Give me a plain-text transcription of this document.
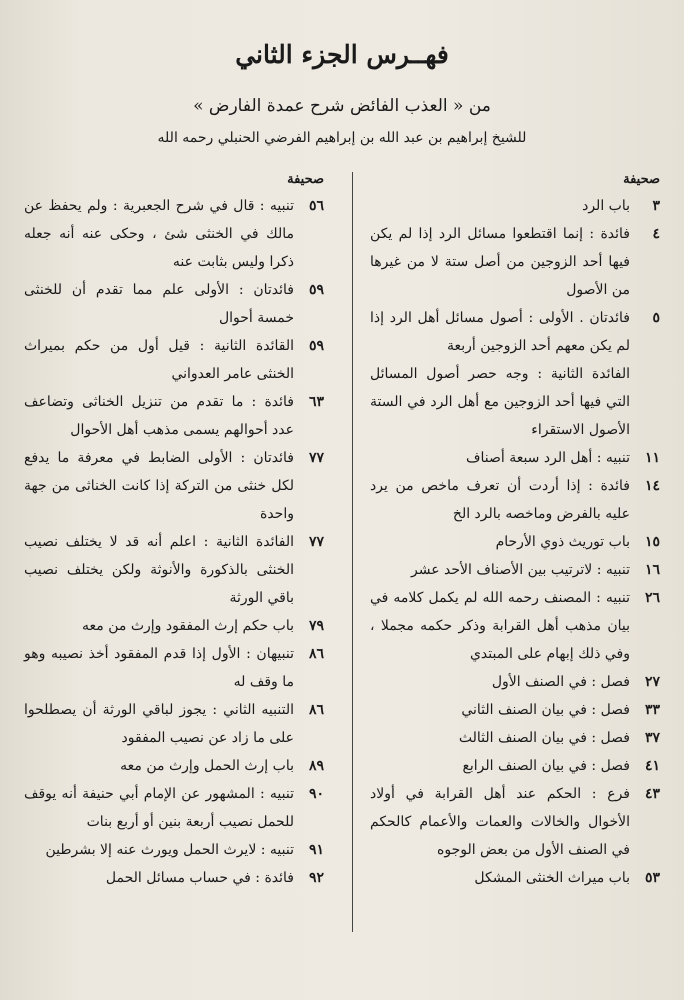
فهــرس الجزء الثاني
من « العذب الفائض شرح عمدة الفارض »
للشيخ إبراهيم بن عبد الله بن إبراهيم الفرضي الحنبلي رحمه الله
صحيفة
٣
باب الرد
٤
فائدة : إنما اقتطعوا مسائل الرد إذا لم يكن فيها أحد الزوجين من أصل ستة لا من غيرها من الأصول
٥
فائدتان . الأولى : أصول مسائل أهل الرد إذا لم يكن معهم أحد الزوجين أربعة
الفائدة الثانية : وجه حصر أصول المسائل التي فيها أحد الزوجين مع أهل الرد في الستة الأصول الاستقراء
١١
تنبيه : أهل الرد سبعة أصناف
١٤
فائدة : إذا أردت أن تعرف ماخص من يرد عليه بالفرض وماخصه بالرد الخ
١٥
باب توريث ذوي الأرحام
١٦
تنبيه : لاترتيب بين الأصناف الأحد عشر
٢٦
تنبيه : المصنف رحمه الله لم يكمل كلامه في بيان مذهب أهل القرابة وذكر حكمه مجملا ، وفي ذلك إبهام على المبتدي
٢٧
فصل : في الصنف الأول
٣٣
فصل : في بيان الصنف الثاني
٣٧
فصل : في بيان الصنف الثالث
٤١
فصل : في بيان الصنف الرابع
٤٣
فرع : الحكم عند أهل القرابة في أولاد الأخوال والخالات والعمات والأعمام كالحكم في الصنف الأول من بعض الوجوه
٥٣
باب ميراث الخنثى المشكل
صحيفة
٥٦
تنبيه : قال في شرح الجعبرية : ولم يحفظ عن مالك في الخنثى شئ ، وحكى عنه أنه جعله ذكرا وليس بثابت عنه
٥٩
فائدتان : الأولى علم مما تقدم أن للخنثى خمسة أحوال
٥٩
القائدة الثانية : قيل أول من حكم بميراث الخنثى عامر العدواني
٦٣
فائدة : ما تقدم من تنزيل الخناثى وتضاعف عدد أحوالهم يسمى مذهب أهل الأحوال
٧٧
فائدتان : الأولى الضابط في معرفة ما يدفع لكل خنثى من التركة إذا كانت الخناثى من جهة واحدة
٧٧
الفائدة الثانية : اعلم أنه قد لا يختلف نصيب الخنثى بالذكورة والأنوثة ولكن يختلف نصيب باقي الورثة
٧٩
باب حكم إرث المفقود وإرث من معه
٨٦
تنبيهان : الأول إذا قدم المفقود أخذ نصيبه وهو ما وقف له
٨٦
التنبيه الثاني : يجوز لباقي الورثة أن يصطلحوا على ما زاد عن نصيب المفقود
٨٩
باب إرث الحمل وإرث من معه
٩٠
تنبيه : المشهور عن الإمام أبي حنيفة أنه يوقف للحمل نصيب أربعة بنين أو أربع بنات
٩١
تنبيه : لايرث الحمل ويورث عنه إلا بشرطين
٩٢
فائدة : في حساب مسائل الحمل
